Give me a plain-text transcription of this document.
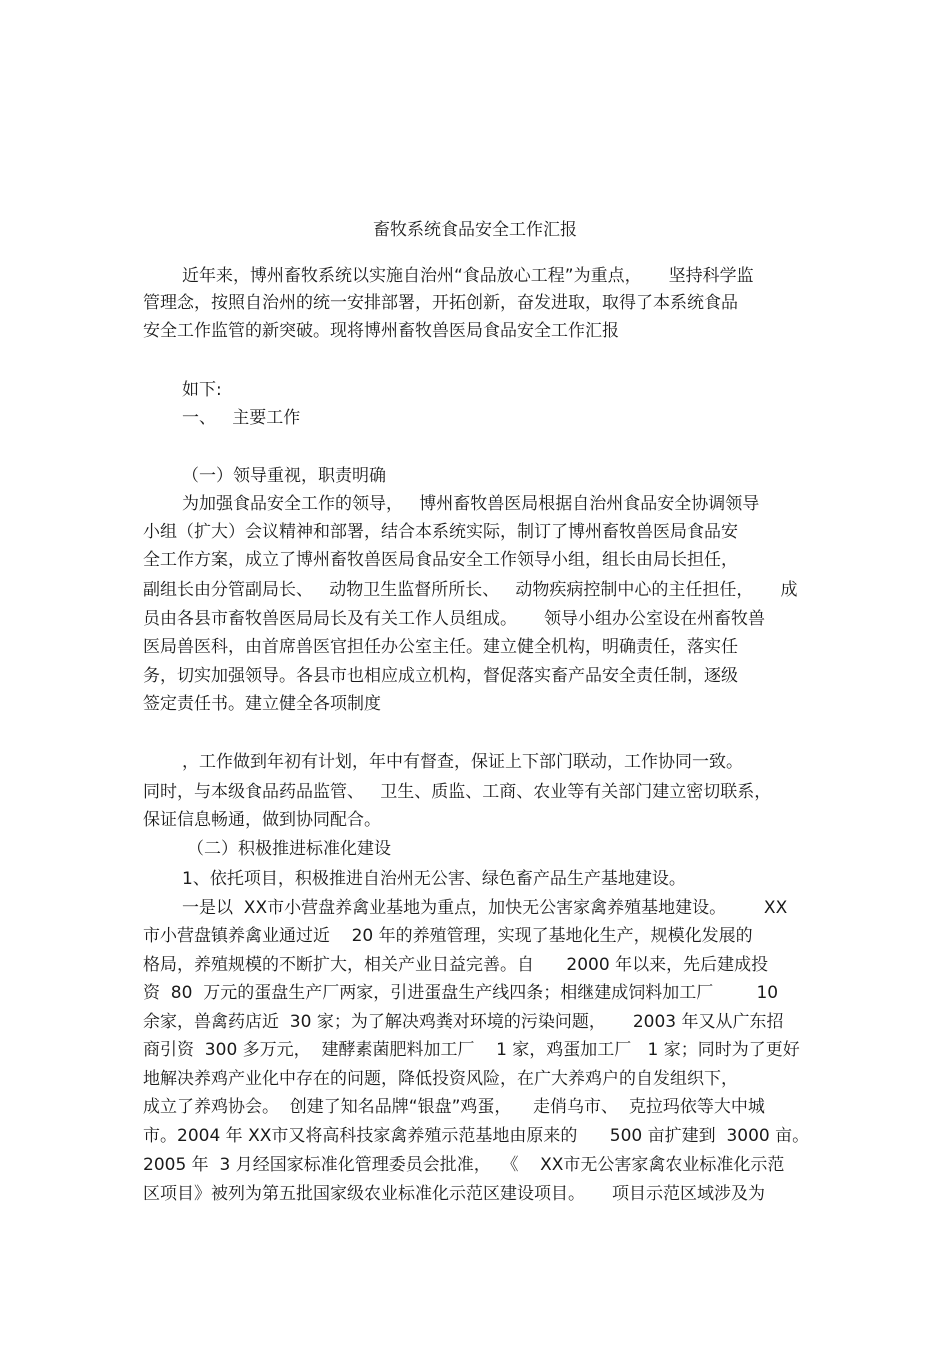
畜牧系统食品安全工作汇报
近年来，博州畜牧系统以实施自治州“食品放心工程”为重点，     坚持科学监
管理念，按照自治州的统一安排部署，开拓创新，奋发进取，取得了本系统食品
安全工作监管的新突破。现将博州畜牧兽医局食品安全工作汇报
如下:
一、   主要工作
（一）领导重视，职责明确
为加强食品安全工作的领导，   博州畜牧兽医局根据自治州食品安全协调领导
小组（扩大）会议精神和部署，结合本系统实际，制订了博州畜牧兽医局食品安
全工作方案，成立了博州畜牧兽医局食品安全工作领导小组，组长由局长担任，
副组长由分管副局长、   动物卫生监督所所长、   动物疾病控制中心的主任担任，     成
员由各县市畜牧兽医局局长及有关工作人员组成。     领导小组办公室设在州畜牧兽
医局兽医科，由首席兽医官担任办公室主任。建立健全机构，明确责任，落实任
务，切实加强领导。各县市也相应成立机构，督促落实畜产品安全责任制，逐级
签定责任书。建立健全各项制度
，工作做到年初有计划，年中有督查，保证上下部门联动，工作协同一致。
同时，与本级食品药品监管、   卫生、质监、工商、农业等有关部门建立密切联系，
保证信息畅通，做到协同配合。
（二）积极推进标准化建设
1、依托项目，积极推进自治州无公害、绿色畜产品生产基地建设。
一是以  XX市小营盘养禽业基地为重点，加快无公害家禽养殖基地建设。       XX
市小营盘镇养禽业通过近    20 年的养殖管理，实现了基地化生产，规模化发展的
格局，养殖规模的不断扩大，相关产业日益完善。自      2000 年以来，先后建成投
资  80  万元的蛋盘生产厂两家，引进蛋盘生产线四条；相继建成饲料加工厂        10
余家，兽禽药店近  30 家；为了解决鸡粪对环境的污染问题，     2003 年又从广东招
商引资  300 多万元，  建酵素菌肥料加工厂    1 家，鸡蛋加工厂   1 家；同时为了更好
地解决养鸡产业化中存在的问题，降低投资风险，在广大养鸡户的自发组织下，
成立了养鸡协会。  创建了知名品牌“银盘”鸡蛋，    走俏乌市、  克拉玛依等大中城
市。2004 年 XX市又将高科技家禽养殖示范基地由原来的      500 亩扩建到  3000 亩。
2005 年  3 月经国家标准化管理委员会批准，  《    XX市无公害家禽农业标准化示范
区项目》被列为第五批国家级农业标准化示范区建设项目。     项目示范区域涉及为
